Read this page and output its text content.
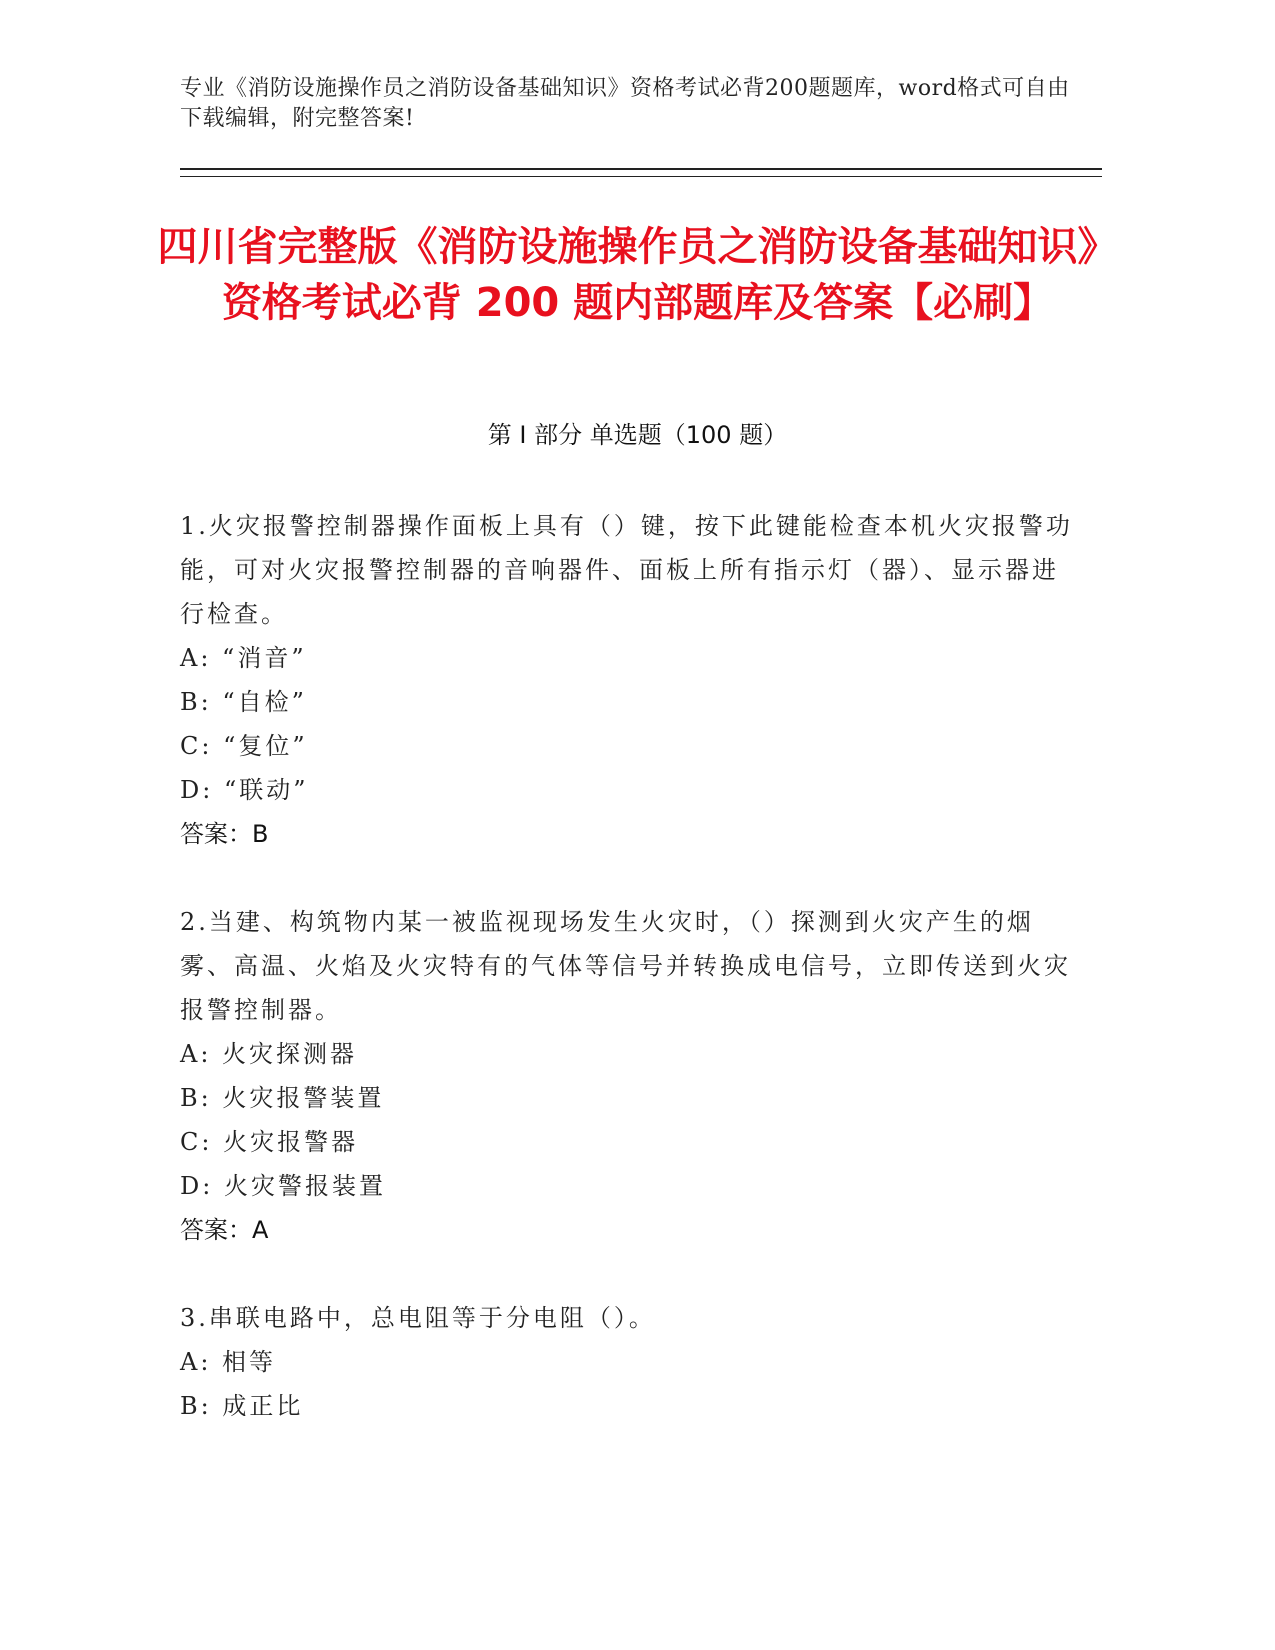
专业《消防设施操作员之消防设备基础知识》资格考试必背200题题库，word格式可自由下载编辑，附完整答案!
四川省完整版《消防设施操作员之消防设备基础知识》资格考试必背 200 题内部题库及答案【必刷】
第 I 部分 单选题（100 题）
1.火灾报警控制器操作面板上具有（）键，按下此键能检查本机火灾报警功能，可对火灾报警控制器的音响器件、面板上所有指示灯（器）、显示器进行检查。
A: “消音”
B: “自检”
C: “复位”
D: “联动”
答案：B
2.当建、构筑物内某一被监视现场发生火灾时，（）探测到火灾产生的烟雾、高温、火焰及火灾特有的气体等信号并转换成电信号，立即传送到火灾报警控制器。
A: 火灾探测器
B: 火灾报警装置
C: 火灾报警器
D: 火灾警报装置
答案：A
3.串联电路中，总电阻等于分电阻（）。
A: 相等
B: 成正比
